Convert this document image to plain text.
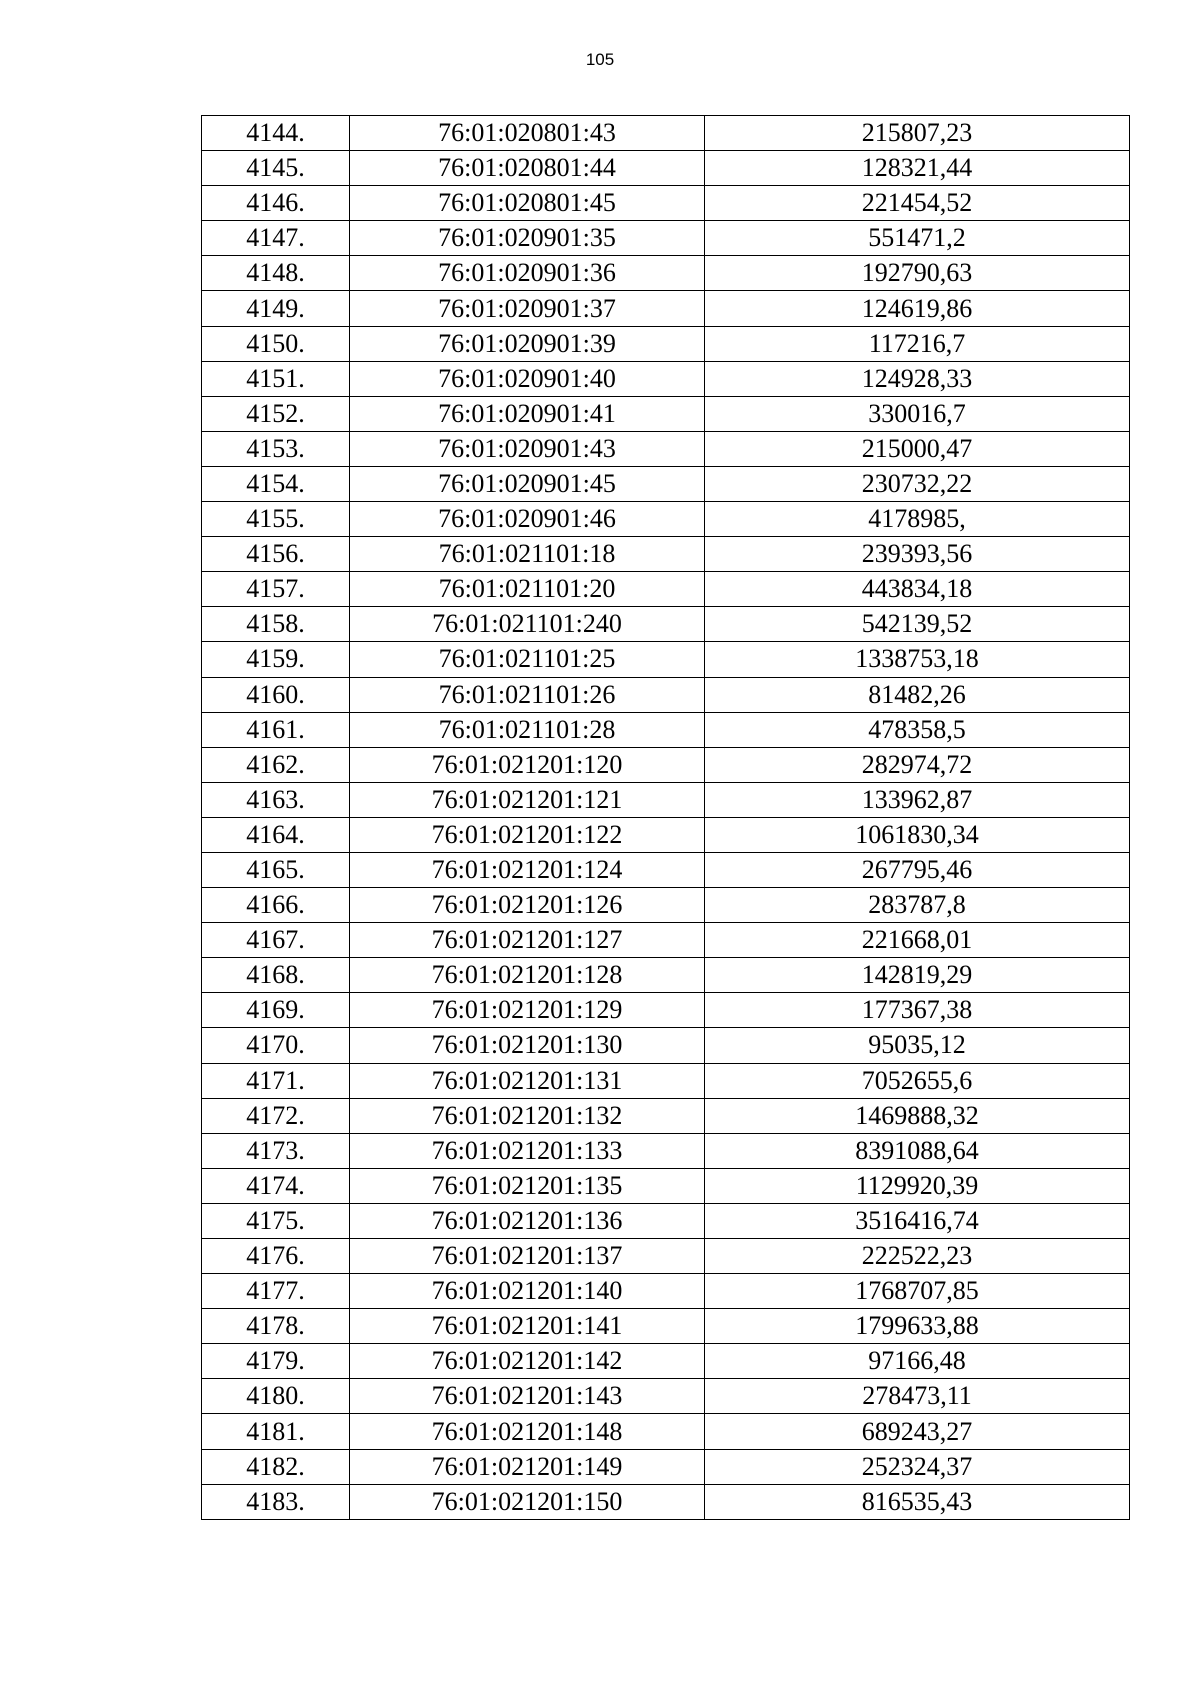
105
4144.	76:01:020801:43	215807,23
4145.	76:01:020801:44	128321,44
4146.	76:01:020801:45	221454,52
4147.	76:01:020901:35	551471,2
4148.	76:01:020901:36	192790,63
4149.	76:01:020901:37	124619,86
4150.	76:01:020901:39	117216,7
4151.	76:01:020901:40	124928,33
4152.	76:01:020901:41	330016,7
4153.	76:01:020901:43	215000,47
4154.	76:01:020901:45	230732,22
4155.	76:01:020901:46	4178985,
4156.	76:01:021101:18	239393,56
4157.	76:01:021101:20	443834,18
4158.	76:01:021101:240	542139,52
4159.	76:01:021101:25	1338753,18
4160.	76:01:021101:26	81482,26
4161.	76:01:021101:28	478358,5
4162.	76:01:021201:120	282974,72
4163.	76:01:021201:121	133962,87
4164.	76:01:021201:122	1061830,34
4165.	76:01:021201:124	267795,46
4166.	76:01:021201:126	283787,8
4167.	76:01:021201:127	221668,01
4168.	76:01:021201:128	142819,29
4169.	76:01:021201:129	177367,38
4170.	76:01:021201:130	95035,12
4171.	76:01:021201:131	7052655,6
4172.	76:01:021201:132	1469888,32
4173.	76:01:021201:133	8391088,64
4174.	76:01:021201:135	1129920,39
4175.	76:01:021201:136	3516416,74
4176.	76:01:021201:137	222522,23
4177.	76:01:021201:140	1768707,85
4178.	76:01:021201:141	1799633,88
4179.	76:01:021201:142	97166,48
4180.	76:01:021201:143	278473,11
4181.	76:01:021201:148	689243,27
4182.	76:01:021201:149	252324,37
4183.	76:01:021201:150	816535,43
